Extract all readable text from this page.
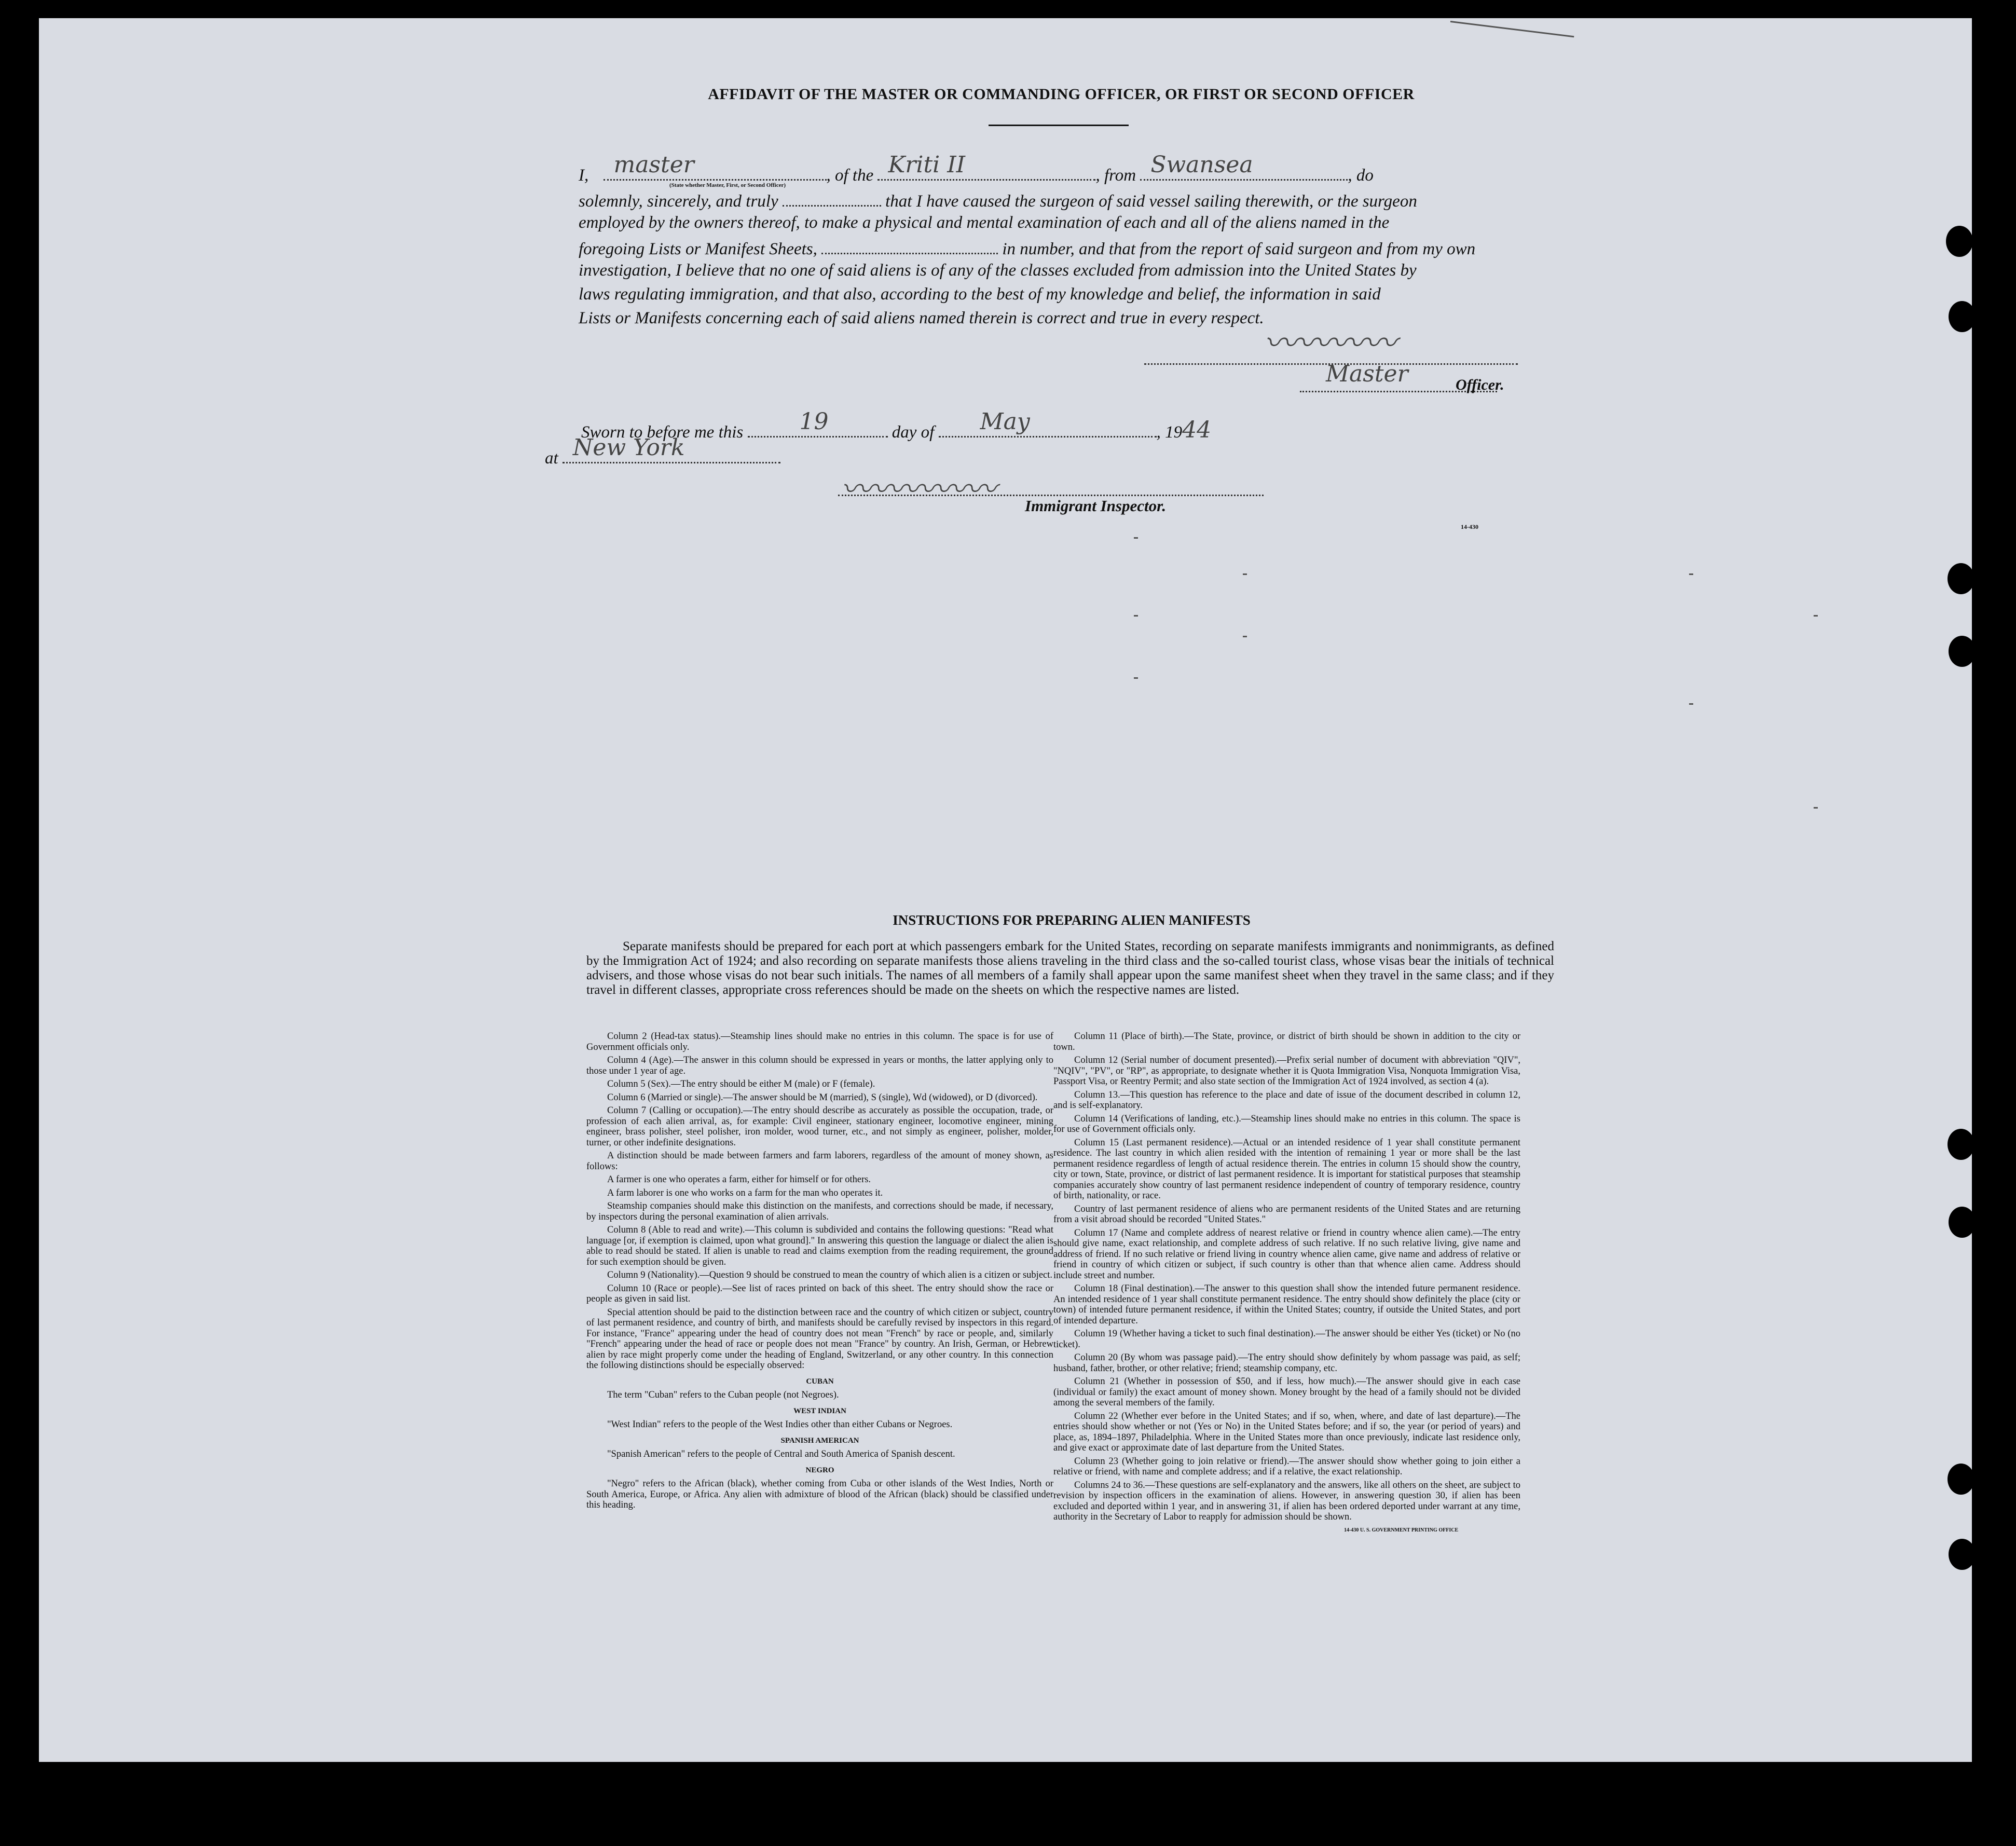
AFFIDAVIT OF THE MASTER OR COMMANDING OFFICER, OR FIRST OR SECOND OFFICER
I, master	, of the Kriti II	, from Swansea	, do
(State whether Master, First, or Second Officer)
solemnly, sincerely, and truly	that I have caused the surgeon of said vessel sailing therewith, or the surgeon
employed by the owners thereof, to make a physical and mental examination of each and all of the aliens named in the
foregoing Lists or Manifest Sheets,	in number, and that from the report of said surgeon and from my own
investigation, I believe that no one of said aliens is of any of the classes excluded from admission into the United States by
laws regulating immigration, and that also, according to the best of my knowledge and belief, the information in said
Lists or Manifests concerning each of said aliens named therein is correct and true in every respect.
〰〰〰〰
Master	Officer.
Sworn to before me this 19	day of May	, 1944
at New York
〰〰〰〰〰 Immigrant Inspector.
14-430
INSTRUCTIONS FOR PREPARING ALIEN MANIFESTS
Separate manifests should be prepared for each port at which passengers embark for the United States, recording on separate manifests immigrants and nonimmigrants, as defined by the Immigration Act of 1924; and also recording on separate manifests those aliens traveling in the third class and the so-called tourist class, whose visas bear the initials of technical advisers, and those whose visas do not bear such initials. The names of all members of a family shall appear upon the same manifest sheet when they travel in the same class; and if they travel in different classes, appropriate cross references should be made on the sheets on which the respective names are listed.

Column 2 (Head-tax status).—Steamship lines should make no entries in this column. The space is for use of Government officials only.

Column 4 (Age).—The answer in this column should be expressed in years or months, the latter applying only to those under 1 year of age.

Column 5 (Sex).—The entry should be either M (male) or F (female).

Column 6 (Married or single).—The answer should be M (married), S (single), Wd (widowed), or D (divorced).

Column 7 (Calling or occupation).—The entry should describe as accurately as possible the occupation, trade, or profession of each alien arrival, as, for example: Civil engineer, stationary engineer, locomotive engineer, mining engineer, brass polisher, steel polisher, iron molder, wood turner, etc., and not simply as engineer, polisher, molder, turner, or other indefinite designations.

A distinction should be made between farmers and farm laborers, regardless of the amount of money shown, as follows:

A farmer is one who operates a farm, either for himself or for others.

A farm laborer is one who works on a farm for the man who operates it.

Steamship companies should make this distinction on the manifests, and corrections should be made, if necessary, by inspectors during the personal examination of alien arrivals.

Column 8 (Able to read and write).—This column is subdivided and contains the following questions: "Read what language [or, if exemption is claimed, upon what ground]." In answering this question the language or dialect the alien is able to read should be stated. If alien is unable to read and claims exemption from the reading requirement, the ground for such exemption should be given.

Column 9 (Nationality).—Question 9 should be construed to mean the country of which alien is a citizen or subject.

Column 10 (Race or people).—See list of races printed on back of this sheet. The entry should show the race or people as given in said list.

Special attention should be paid to the distinction between race and the country of which citizen or subject, country of last permanent residence, and country of birth, and manifests should be carefully revised by inspectors in this regard. For instance, "France" appearing under the head of country does not mean "French" by race or people, and, similarly "French" appearing under the head of race or people does not mean "France" by country. An Irish, German, or Hebrew alien by race might properly come under the heading of England, Switzerland, or any other country. In this connection the following distinctions should be especially observed:

CUBAN

The term "Cuban" refers to the Cuban people (not Negroes).

WEST INDIAN

"West Indian" refers to the people of the West Indies other than either Cubans or Negroes.

SPANISH AMERICAN

"Spanish American" refers to the people of Central and South America of Spanish descent.

NEGRO

"Negro" refers to the African (black), whether coming from Cuba or other islands of the West Indies, North or South America, Europe, or Africa. Any alien with admixture of blood of the African (black) should be classified under this heading.

Column 11 (Place of birth).—The State, province, or district of birth should be shown in addition to the city or town.

Column 12 (Serial number of document presented).—Prefix serial number of document with abbreviation "QIV", "NQIV", "PV", or "RP", as appropriate, to designate whether it is Quota Immigration Visa, Nonquota Immigration Visa, Passport Visa, or Reentry Permit; and also state section of the Immigration Act of 1924 involved, as section 4 (a).

Column 13.—This question has reference to the place and date of issue of the document described in column 12, and is self-explanatory.

Column 14 (Verifications of landing, etc.).—Steamship lines should make no entries in this column. The space is for use of Government officials only.

Column 15 (Last permanent residence).—Actual or an intended residence of 1 year shall constitute permanent residence. The last country in which alien resided with the intention of remaining 1 year or more shall be the last permanent residence regardless of length of actual residence therein. The entries in column 15 should show the country, city or town, State, province, or district of last permanent residence. It is important for statistical purposes that steamship companies accurately show country of last permanent residence independent of country of temporary residence, country of birth, nationality, or race.

Country of last permanent residence of aliens who are permanent residents of the United States and are returning from a visit abroad should be recorded "United States."

Column 17 (Name and complete address of nearest relative or friend in country whence alien came).—The entry should give name, exact relationship, and complete address of such relative. If no such relative living, give name and address of friend. If no such relative or friend living in country whence alien came, give name and address of relative or friend in country of which citizen or subject, if such country is other than that whence alien came. Address should include street and number.

Column 18 (Final destination).—The answer to this question shall show the intended future permanent residence. An intended residence of 1 year shall constitute permanent residence. The entry should show definitely the place (city or town) of intended future permanent residence, if within the United States; country, if outside the United States, and port of intended departure.

Column 19 (Whether having a ticket to such final destination).—The answer should be either Yes (ticket) or No (no ticket).

Column 20 (By whom was passage paid).—The entry should show definitely by whom passage was paid, as self; husband, father, brother, or other relative; friend; steamship company, etc.

Column 21 (Whether in possession of $50, and if less, how much).—The answer should give in each case (individual or family) the exact amount of money shown. Money brought by the head of a family should not be divided among the several members of the family.

Column 22 (Whether ever before in the United States; and if so, when, where, and date of last departure).—The entries should show whether or not (Yes or No) in the United States before; and if so, the year (or period of years) and place, as, 1894–1897, Philadelphia. Where in the United States more than once previously, indicate last residence only, and give exact or approximate date of last departure from the United States.

Column 23 (Whether going to join relative or friend).—The answer should show whether going to join either a relative or friend, with name and complete address; and if a relative, the exact relationship.

Columns 24 to 36.—These questions are self-explanatory and the answers, like all others on the sheet, are subject to revision by inspection officers in the examination of aliens. However, in answering question 30, if alien has been excluded and deported within 1 year, and in answering 31, if alien has been ordered deported under warrant at any time, authority in the Secretary of Labor to reapply for admission should be shown.

14-430 U. S. GOVERNMENT PRINTING OFFICE
